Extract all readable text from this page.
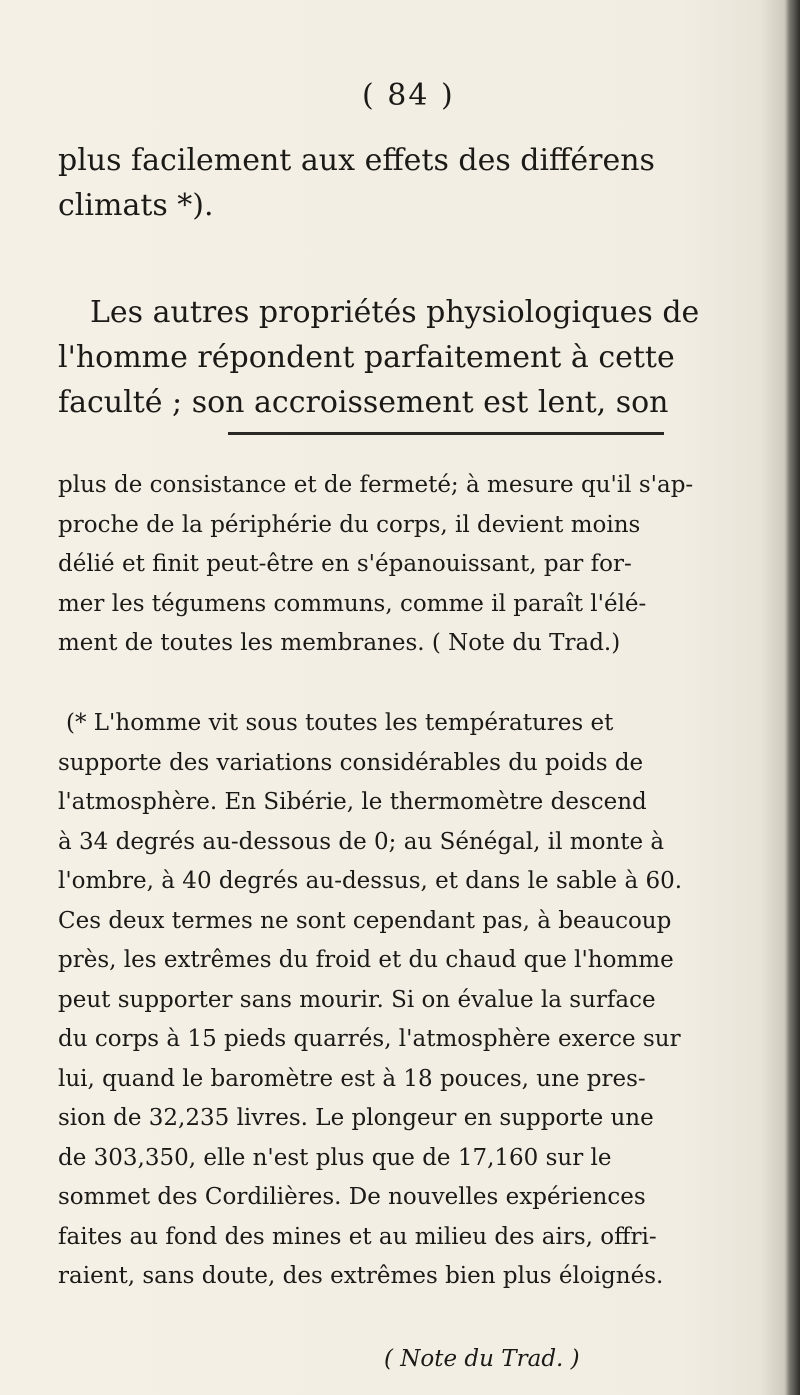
( 84 )
plus facilement aux effets des différens
climats *).
Les autres propriétés physiologiques de
l'homme répondent parfaitement à cette
faculté ; son accroissement est lent, son
plus de consistance et de fermeté; à mesure qu'il s'ap-
proche de la périphérie du corps, il devient moins
délié et finit peut-être en s'épanouissant, par for-
mer les tégumens communs, comme il paraît l'élé-
ment de toutes les membranes. ( Note du Trad.)
(* L'homme vit sous toutes les températures et
supporte des variations considérables du poids de
l'atmosphère. En Sibérie, le thermomètre descend
à 34 degrés au-dessous de 0; au Sénégal, il monte à
l'ombre, à 40 degrés au-dessus, et dans le sable à 60.
Ces deux termes ne sont cependant pas, à beaucoup
près, les extrêmes du froid et du chaud que l'homme
peut supporter sans mourir. Si on évalue la surface
du corps à 15 pieds quarrés, l'atmosphère exerce sur
lui, quand le baromètre est à 18 pouces, une pres-
sion de 32,235 livres. Le plongeur en supporte une
de 303,350, elle n'est plus que de 17,160 sur le
sommet des Cordilières. De nouvelles expériences
faites au fond des mines et au milieu des airs, offri-
raient, sans doute, des extrêmes bien plus éloignés.
( Note du Trad. )
